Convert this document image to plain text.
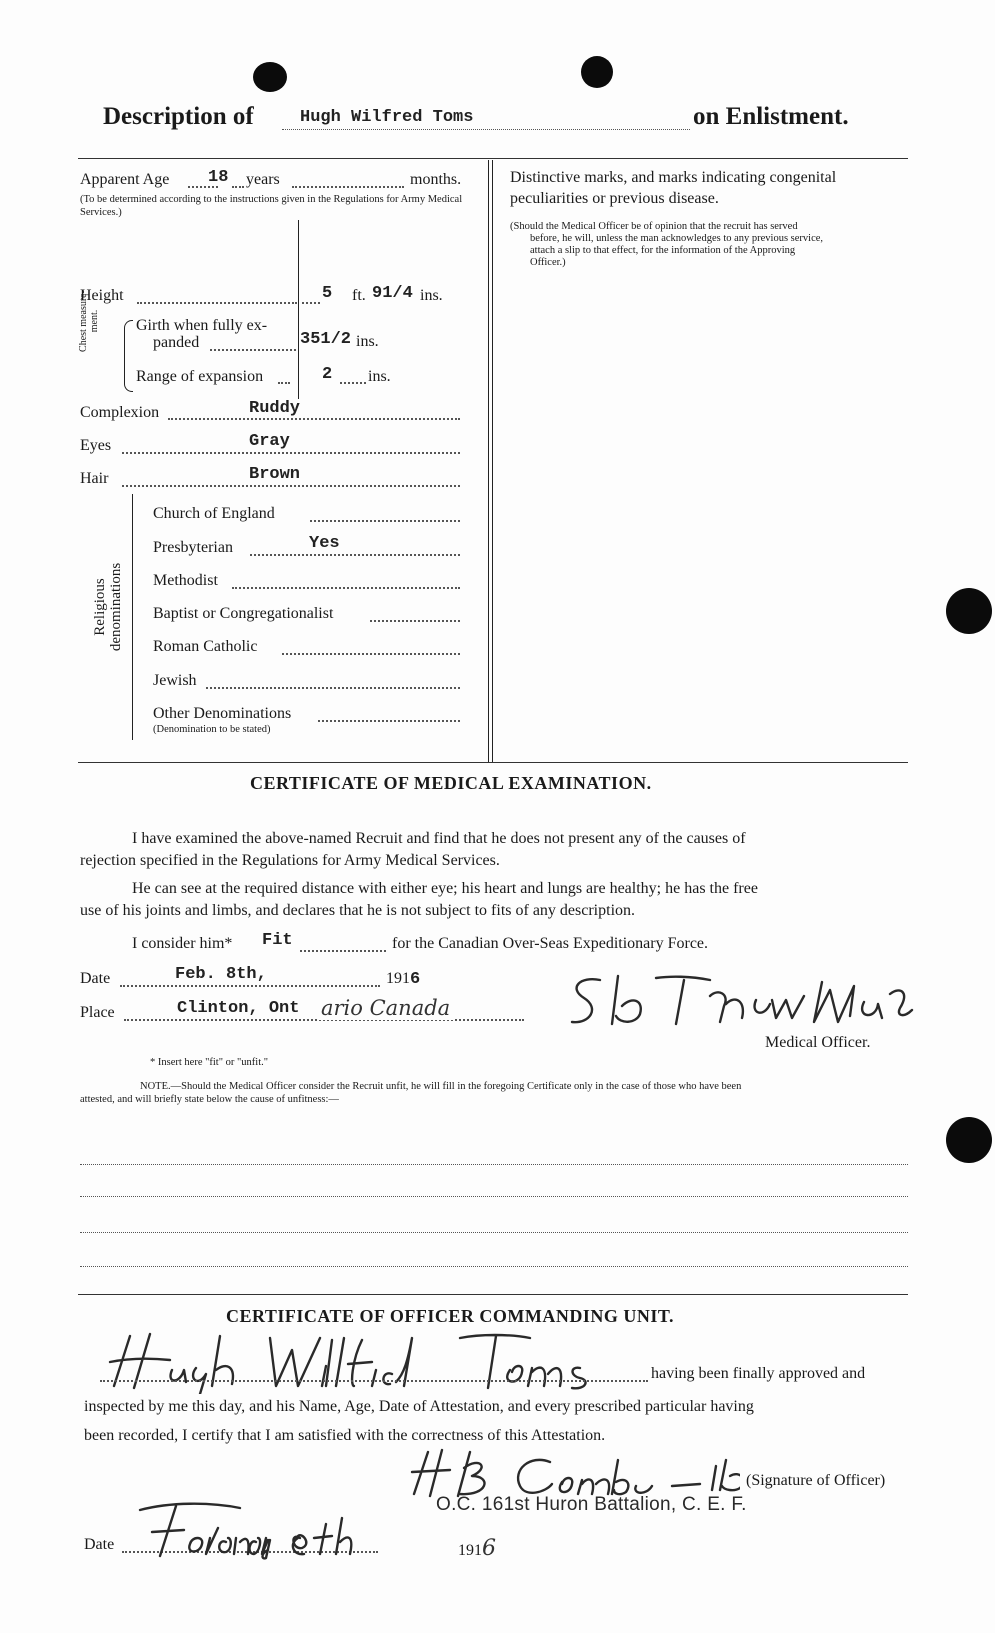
Description of	Hugh Wilfred Toms	on Enlistment.
Apparent Age 18 years	months.
(To be determined according to the instructions given in the Regulations for Army Medical Services.)
Height	5 ft. 91/4 ins.
Chest measure-ment. Girth when fully ex-
panded	351/2 ins.
Range of expansion	2 ins.
Complexion	Ruddy
Eyes	Gray
Hair	Brown
Religious denominations
Church of England
Presbyterian	Yes
Methodist
Baptist or Congregationalist
Roman Catholic
Jewish
Other Denominations
(Denomination to be stated)
Distinctive marks, and marks indicating congenital
peculiarities or previous disease.
(Should the Medical Officer be of opinion that the recruit has served
before, he will, unless the man acknowledges to any previous service,
attach a slip to that effect, for the information of the Approving
Officer.)
CERTIFICATE OF MEDICAL EXAMINATION.
I have examined the above-named Recruit and find that he does not present any of the causes of
rejection specified in the Regulations for Army Medical Services.
He can see at the required distance with either eye; his heart and lungs are healthy; he has the free
use of his joints and limbs, and declares that he is not subject to fits of any description.
I consider him* Fit	for the Canadian Over-Seas Expeditionary Force.
Date	Feb. 8th,	1916
Place	Clinton, Ont ario Canada
Medical Officer.
* Insert here "fit" or "unfit."
NOTE.—Should the Medical Officer consider the Recruit unfit, he will fill in the foregoing Certificate only in the case of those who have been
attested, and will briefly state below the cause of unfitness:—
CERTIFICATE OF OFFICER COMMANDING UNIT.
having been finally approved and
inspected by me this day, and his Name, Age, Date of Attestation, and every prescribed particular having
been recorded, I certify that I am satisfied with the correctness of this Attestation.
(Signature of Officer)
O.C. 161st Huron Battalion, C. E. F.
Date	1916
